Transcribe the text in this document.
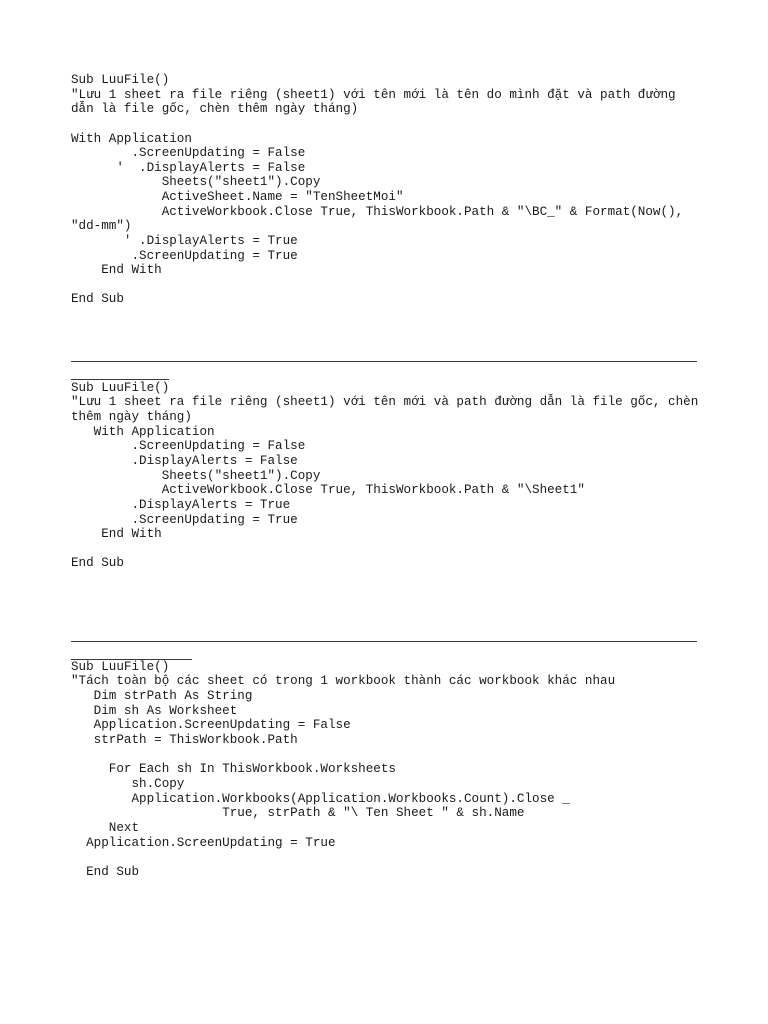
Sub LuuFile()
"Lưu 1 sheet ra file riêng (sheet1) với tên mới là tên do mình đặt và path đường
dẫn là file gốc, chèn thêm ngày tháng)
With Application
.ScreenUpdating = False
'  .DisplayAlerts = False
Sheets("sheet1").Copy
ActiveSheet.Name = "TenSheetMoi"
ActiveWorkbook.Close True, ThisWorkbook.Path & "\BC_" & Format(Now(),
"dd-mm")
' .DisplayAlerts = True
.ScreenUpdating = True
End With
End Sub
Sub LuuFile()
"Lưu 1 sheet ra file riêng (sheet1) với tên mới và path đường dẫn là file gốc, chèn
thêm ngày tháng)
With Application
.ScreenUpdating = False
.DisplayAlerts = False
Sheets("sheet1").Copy
ActiveWorkbook.Close True, ThisWorkbook.Path & "\Sheet1"
.DisplayAlerts = True
.ScreenUpdating = True
End With
End Sub
Sub LuuFile()
"Tách toàn bộ các sheet có trong 1 workbook thành các workbook khác nhau
Dim strPath As String
Dim sh As Worksheet
Application.ScreenUpdating = False
strPath = ThisWorkbook.Path
For Each sh In ThisWorkbook.Worksheets
sh.Copy
Application.Workbooks(Application.Workbooks.Count).Close _
True, strPath & "\ Ten Sheet " & sh.Name
Next
Application.ScreenUpdating = True
End Sub
